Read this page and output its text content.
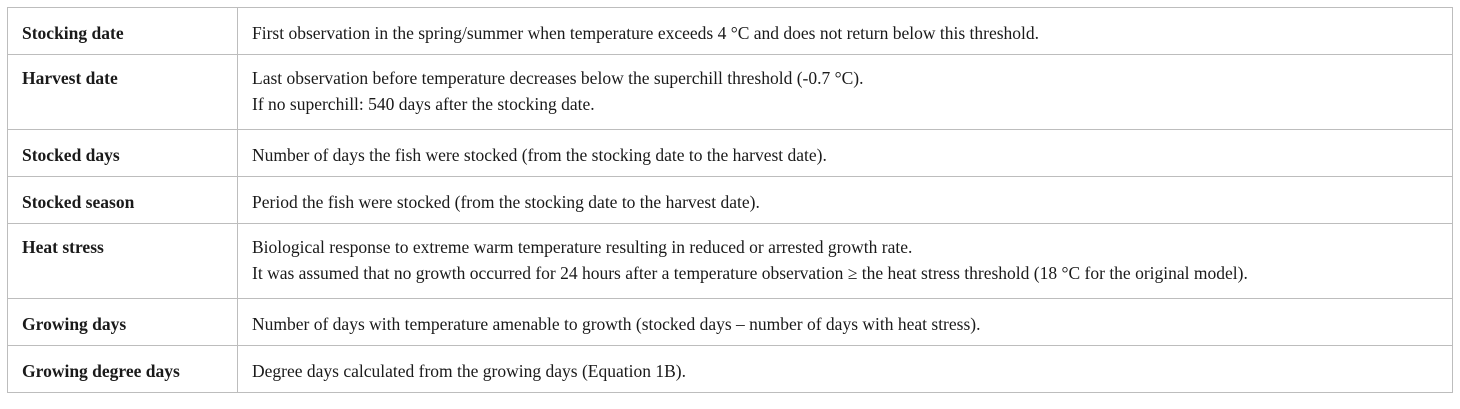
Stocking date	First observation in the spring/summer when temperature exceeds 4 °C and does not return below this threshold.

Harvest date	Last observation before temperature decreases below the superchill threshold (-0.7 °C).
If no superchill: 540 days after the stocking date.

Stocked days	Number of days the fish were stocked (from the stocking date to the harvest date).

Stocked season	Period the fish were stocked (from the stocking date to the harvest date).

Heat stress	Biological response to extreme warm temperature resulting in reduced or arrested growth rate.
It was assumed that no growth occurred for 24 hours after a temperature observation ≥ the heat stress threshold (18 °C for the original model).

Growing days	Number of days with temperature amenable to growth (stocked days – number of days with heat stress).

Growing degree days	Degree days calculated from the growing days (Equation 1B).
